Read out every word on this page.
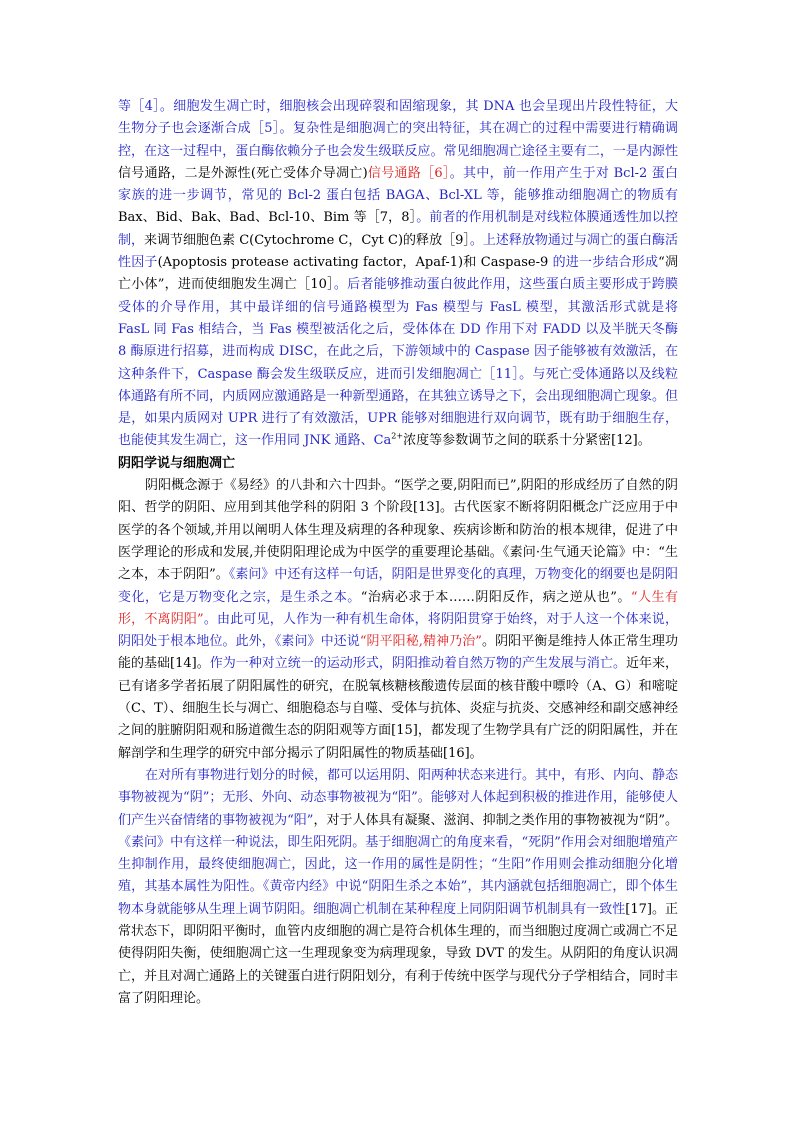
等［4］。细胞发生凋亡时，细胞核会出现碎裂和固缩现象，其 DNA 也会呈现出片段性特征，大生物分子也会逐渐合成［5］。复杂性是细胞凋亡的突出特征，其在凋亡的过程中需要进行精确调控，在这一过程中，蛋白酶依赖分子也会发生级联反应。常见细胞凋亡途径主要有二，一是内源性信号通路，二是外源性(死亡受体介导凋亡)信号通路［6］。其中，前一作用产生于对 Bcl-2 蛋白家族的进一步调节，常见的 Bcl-2 蛋白包括 BAGA、Bcl-XL 等，能够推动细胞凋亡的物质有 Bax、Bid、Bak、Bad、Bcl-10、Bim 等［7，8］。前者的作用机制是对线粒体膜通透性加以控制，来调节细胞色素 C(Cytochrome C，Cyt C)的释放［9］。上述释放物通过与凋亡的蛋白酶活性因子(Apoptosis protease activating factor，Apaf-1)和 Caspase-9 的进一步结合形成“凋亡小体”，进而使细胞发生凋亡［10］。后者能够推动蛋白彼此作用，这些蛋白质主要形成于跨膜受体的介导作用，其中最详细的信号通路模型为 Fas 模型与 FasL 模型，其激活形式就是将 FasL 同 Fas 相结合，当 Fas 模型被活化之后，受体体在 DD 作用下对 FADD 以及半胱天冬酶 8 酶原进行招募，进而构成 DISC，在此之后，下游领域中的 Caspase 因子能够被有效激活，在这种条件下，Caspase 酶会发生级联反应，进而引发细胞凋亡［11］。与死亡受体通路以及线粒体通路有所不同，内质网应激通路是一种新型通路，在其独立诱导之下，会出现细胞凋亡现象。但是，如果内质网对 UPR 进行了有效激活，UPR 能够对细胞进行双向调节，既有助于细胞生存，也能使其发生凋亡，这一作用同 JNK 通路、$Ca^{2+}$浓度等参数调节之间的联系十分紧密[12]。

阴阳学说与细胞凋亡

阴阳概念源于《易经》的八卦和六十四卦。“医学之要,阴阳而已”,阴阳的形成经历了自然的阴阳、哲学的阴阳、应用到其他学科的阴阳 3 个阶段[13]。古代医家不断将阴阳概念广泛应用于中医学的各个领域,并用以阐明人体生理及病理的各种现象、疾病诊断和防治的根本规律，促进了中医学理论的形成和发展,并使阴阳理论成为中医学的重要理论基础。《素问·生气通天论篇》中：“生之本，本于阴阳”。《素问》中还有这样一句话，阴阳是世界变化的真理，万物变化的纲要也是阴阳变化，它是万物变化之宗，是生杀之本。“治病必求于本……阴阳反作，病之逆从也”。“人生有形，不离阴阳”。由此可见，人作为一种有机生命体，将阴阳贯穿于始终，对于人这一个体来说，阴阳处于根本地位。此外，《素问》中还说“阴平阳秘,精神乃治”。阴阳平衡是维持人体正常生理功能的基础[14]。作为一种对立统一的运动形式，阴阳推动着自然万物的产生发展与消亡。近年来，已有诸多学者拓展了阴阳属性的研究，在脱氧核糖核酸遗传层面的核苷酸中嘌呤（A、G）和嘧啶（C、T）、细胞生长与凋亡、细胞稳态与自噬、受体与抗体、炎症与抗炎、交感神经和副交感神经之间的脏腑阴阳观和肠道微生态的阴阳观等方面[15]，都发现了生物学具有广泛的阴阳属性，并在解剖学和生理学的研究中部分揭示了阴阳属性的物质基础[16]。

在对所有事物进行划分的时候，都可以运用阴、阳两种状态来进行。其中，有形、内向、静态事物被视为“阴”；无形、外向、动态事物被视为“阳”。能够对人体起到积极的推进作用，能够使人们产生兴奋情绪的事物被视为“阳”，对于人体具有凝聚、滋润、抑制之类作用的事物被视为“阴”。《素问》中有这样一种说法，即生阳死阴。基于细胞凋亡的角度来看，“死阴”作用会对细胞增殖产生抑制作用，最终使细胞凋亡，因此，这一作用的属性是阴性；“生阳”作用则会推动细胞分化增殖，其基本属性为阳性。《黄帝内经》中说“阴阳生杀之本始”，其内涵就包括细胞凋亡，即个体生物本身就能够从生理上调节阴阳。细胞凋亡机制在某种程度上同阴阳调节机制具有一致性[17]。正常状态下，即阴阳平衡时，血管内皮细胞的凋亡是符合机体生理的，而当细胞过度凋亡或凋亡不足使得阴阳失衡，使细胞凋亡这一生理现象变为病理现象，导致 DVT 的发生。从阴阳的角度认识凋亡，并且对凋亡通路上的关键蛋白进行阴阳划分，有利于传统中医学与现代分子学相结合，同时丰富了阴阳理论。
